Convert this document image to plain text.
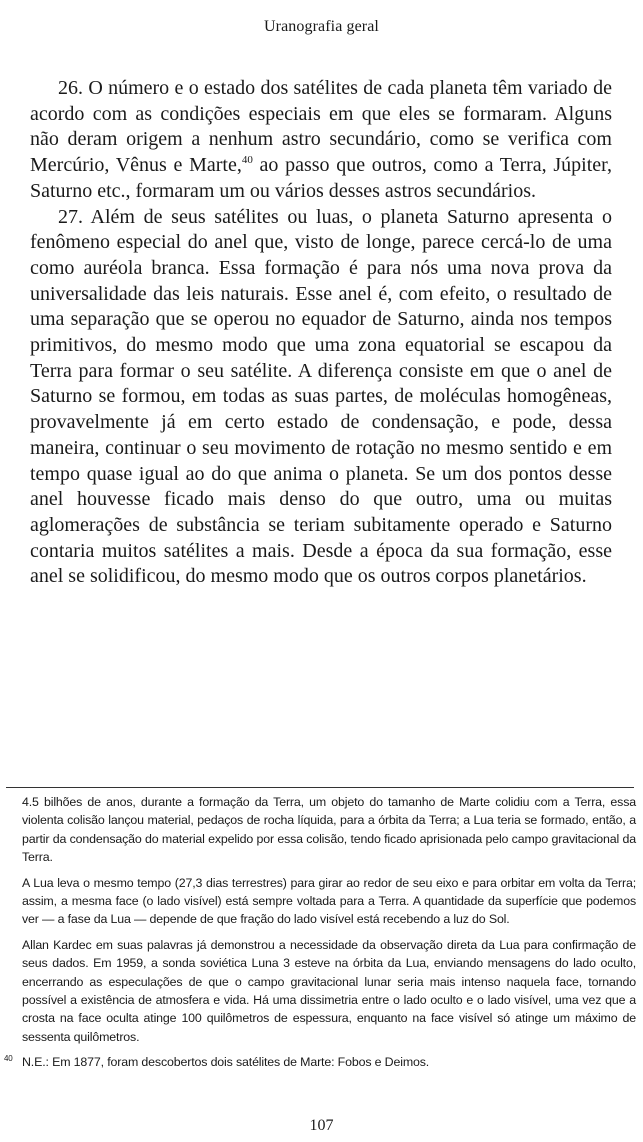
Uranografia geral

26. O número e o estado dos satélites de cada planeta têm variado de acordo com as condições especiais em que eles se formaram. Alguns não deram origem a nenhum astro secundário, como se verifica com Mercúrio, Vênus e Marte,$^{40}$ ao passo que outros, como a Terra, Júpiter, Saturno etc., formaram um ou vários desses astros secundários.

27. Além de seus satélites ou luas, o planeta Saturno apresenta o fenômeno especial do anel que, visto de longe, parece cercá-lo de uma como auréola branca. Essa formação é para nós uma nova prova da universalidade das leis naturais. Esse anel é, com efeito, o resultado de uma separação que se operou no equador de Saturno, ainda nos tempos primitivos, do mesmo modo que uma zona equatorial se escapou da Terra para formar o seu satélite. A diferença consiste em que o anel de Saturno se formou, em todas as suas partes, de moléculas homogêneas, provavelmente já em certo estado de condensação, e pode, dessa maneira, continuar o seu movimento de rotação no mesmo sentido e em tempo quase igual ao do que anima o planeta. Se um dos pontos desse anel houvesse ficado mais denso do que outro, uma ou muitas aglomerações de substância se teriam subitamente operado e Saturno contaria muitos satélites a mais. Desde a época da sua formação, esse anel se solidificou, do mesmo modo que os outros corpos planetários.

4.5 bilhões de anos, durante a formação da Terra, um objeto do tamanho de Marte colidiu com a Terra, essa violenta colisão lançou material, pedaços de rocha líquida, para a órbita da Terra; a Lua teria se formado, então, a partir da condensação do material expelido por essa colisão, tendo ficado aprisionada pelo campo gravitacional da Terra.

A Lua leva o mesmo tempo (27,3 dias terrestres) para girar ao redor de seu eixo e para orbitar em volta da Terra; assim, a mesma face (o lado visível) está sempre voltada para a Terra. A quantidade da superfície que podemos ver — a fase da Lua — depende de que fração do lado visível está recebendo a luz do Sol.

Allan Kardec em suas palavras já demonstrou a necessidade da observação direta da Lua para confirmação de seus dados. Em 1959, a sonda soviética Luna 3 esteve na órbita da Lua, enviando mensagens do lado oculto, encerrando as especulações de que o campo gravitacional lunar seria mais intenso naquela face, tornando possível a existência de atmosfera e vida. Há uma dissimetria entre o lado oculto e o lado visível, uma vez que a crosta na face oculta atinge 100 quilômetros de espessura, enquanto na face visível só atinge um máximo de sessenta quilômetros.

40 N.E.: Em 1877, foram descobertos dois satélites de Marte: Fobos e Deimos.

107
